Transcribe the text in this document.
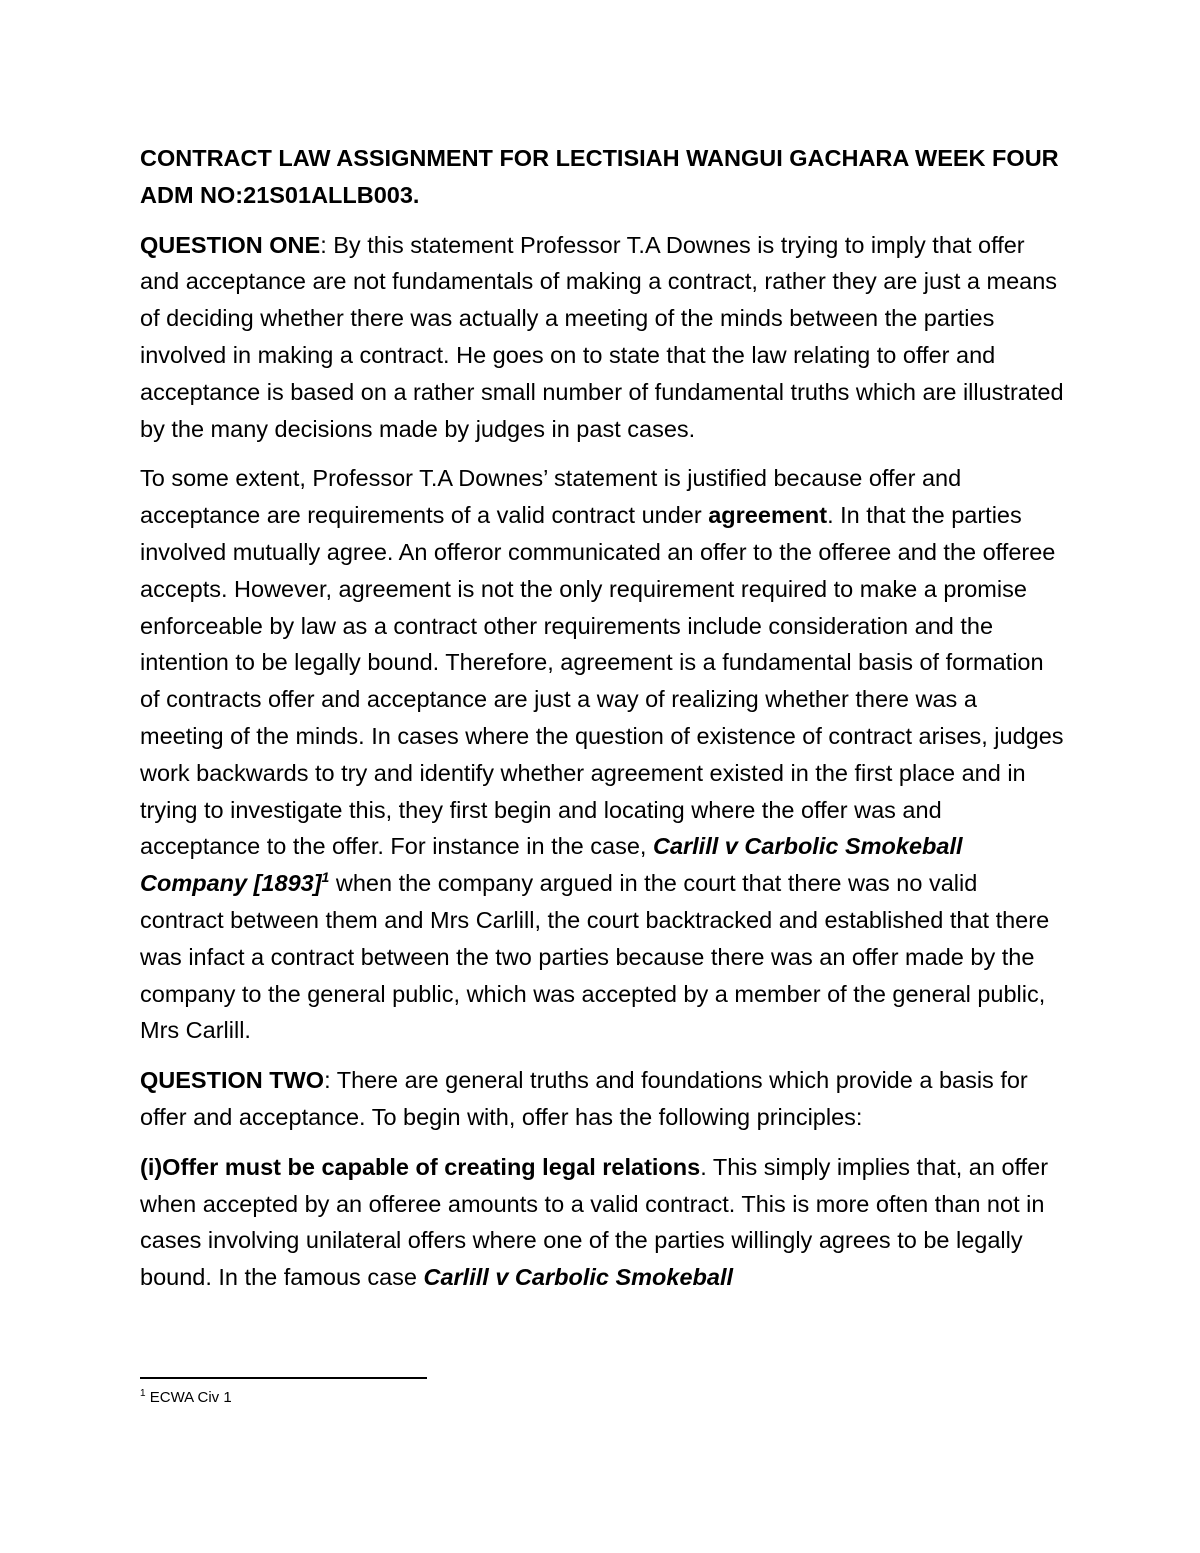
CONTRACT LAW ASSIGNMENT FOR LECTISIAH WANGUI GACHARA WEEK FOUR
ADM NO:21S01ALLB003.

QUESTION ONE: By this statement Professor T.A Downes is trying to imply that offer and acceptance are not fundamentals of making a contract, rather they are just a means of deciding whether there was actually a meeting of the minds between the parties involved in making a contract. He goes on to state that the law relating to offer and acceptance is based on a rather small number of fundamental truths which are illustrated by the many decisions made by judges in past cases.

To some extent, Professor T.A Downes’ statement is justified because offer and acceptance are requirements of a valid contract under agreement. In that the parties involved mutually agree. An offeror communicated an offer to the offeree and the offeree accepts. However, agreement is not the only requirement required to make a promise enforceable by law as a contract other requirements include consideration and the intention to be legally bound. Therefore, agreement is a fundamental basis of formation of contracts offer and acceptance are just a way of realizing whether there was a meeting of the minds. In cases where the question of existence of contract arises, judges work backwards to try and identify whether agreement existed in the first place and in trying to investigate this, they first begin and locating where the offer was and acceptance to the offer. For instance in the case, Carlill v Carbolic Smokeball Company $[1893]^1$ when the company argued in the court that there was no valid contract between them and Mrs Carlill, the court backtracked and established that there was infact a contract between the two parties because there was an offer made by the company to the general public, which was accepted by a member of the general public, Mrs Carlill.

QUESTION TWO: There are general truths and foundations which provide a basis for offer and acceptance. To begin with, offer has the following principles:

(i)Offer must be capable of creating legal relations. This simply implies that, an offer when accepted by an offeree amounts to a valid contract. This is more often than not in cases involving unilateral offers where one of the parties willingly agrees to be legally bound. In the famous case Carlill v Carbolic Smokeball

$^1$ ECWA Civ 1
